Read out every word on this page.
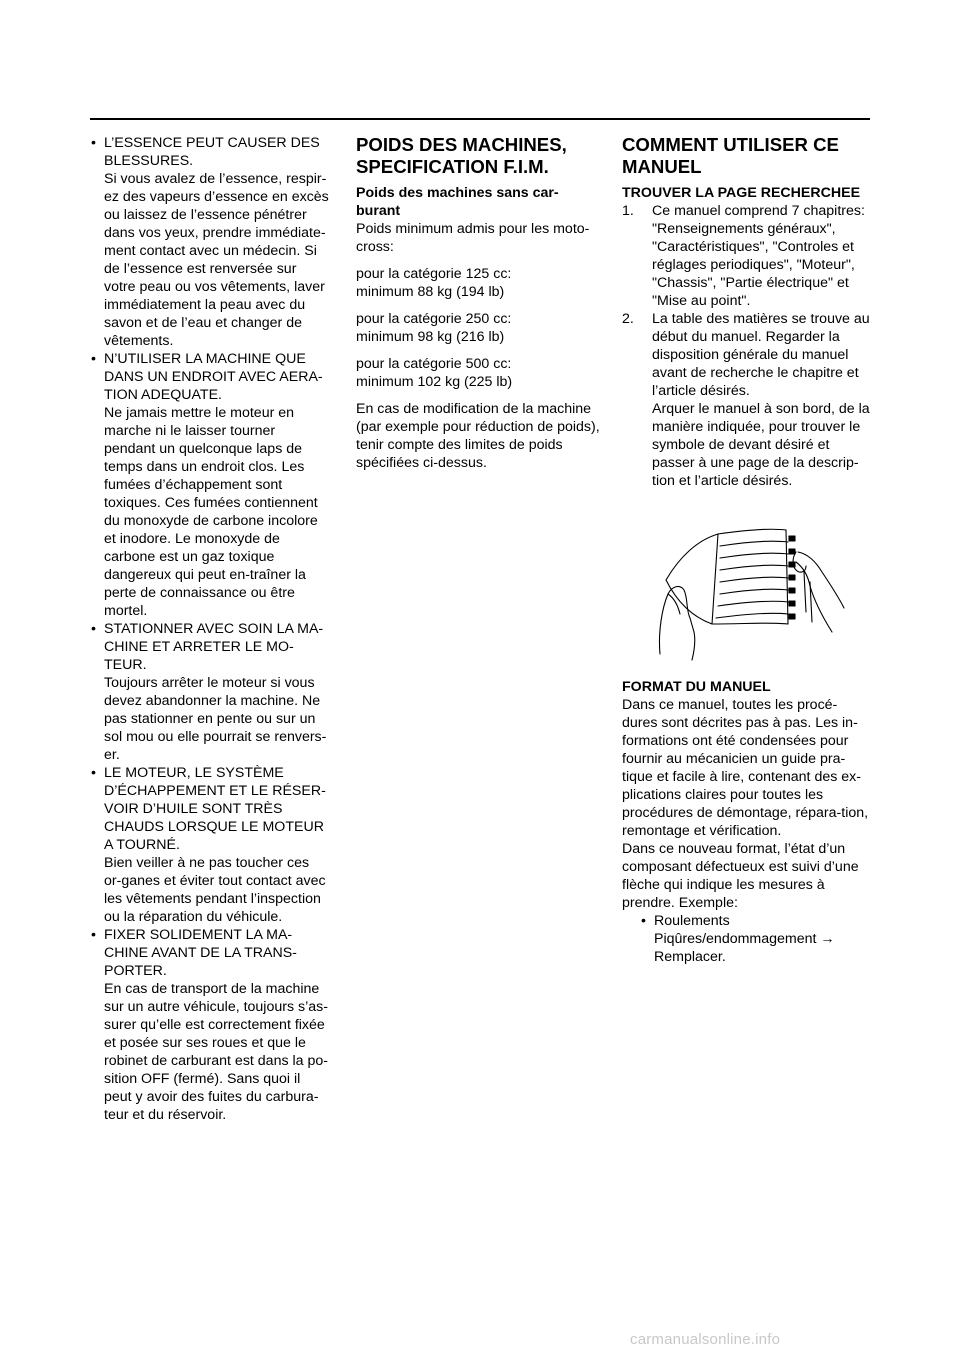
• L’ESSENCE PEUT CAUSER DES BLESSURES.
Si vous avalez de l’essence, respir-ez des vapeurs d’essence en excès ou laissez de l’essence pénétrer dans vos yeux, prendre immédiate-ment contact avec un médecin. Si de l’essence est renversée sur votre peau ou vos vêtements, laver immédiatement la peau avec du savon et de l’eau et changer de vêtements.
• N’UTILISER LA MACHINE QUE DANS UN ENDROIT AVEC AERA-TION ADEQUATE.
Ne jamais mettre le moteur en marche ni le laisser tourner pendant un quelconque laps de temps dans un endroit clos. Les fumées d’échappement sont toxiques. Ces fumées contiennent du monoxyde de carbone incolore et inodore. Le monoxyde de carbone est un gaz toxique dangereux qui peut en-traîner la perte de connaissance ou être mortel.
• STATIONNER AVEC SOIN LA MA-CHINE ET ARRETER LE MO-TEUR.
Toujours arrêter le moteur si vous devez abandonner la machine. Ne pas stationner en pente ou sur un sol mou ou elle pourrait se renvers-er.
• LE MOTEUR, LE SYSTÈME D’ÉCHAPPEMENT ET LE RÉSER-VOIR D’HUILE SONT TRÈS CHAUDS LORSQUE LE MOTEUR A TOURNÉ.
Bien veiller à ne pas toucher ces or-ganes et éviter tout contact avec les vêtements pendant l’inspection ou la réparation du véhicule.
• FIXER SOLIDEMENT LA MA-CHINE AVANT DE LA TRANS-PORTER.
En cas de transport de la machine sur un autre véhicule, toujours s’as-surer qu’elle est correctement fixée et posée sur ses roues et que le robinet de carburant est dans la po-sition OFF (fermé). Sans quoi il peut y avoir des fuites du carbura-teur et du réservoir.
POIDS DES MACHINES, SPECIFICATION F.I.M.
Poids des machines sans car-burant

Poids minimum admis pour les moto-cross:

pour la catégorie 125 cc:
minimum 88 kg (194 lb)

pour la catégorie 250 cc:
minimum 98 kg (216 lb)

pour la catégorie 500 cc:
minimum 102 kg (225 lb)

En cas de modification de la machine (par exemple pour réduction de poids), tenir compte des limites de poids spécifiées ci-dessus.

COMMENT UTILISER CE MANUEL
TROUVER LA PAGE RECHERCHEE
1. Ce manuel comprend 7 chapitres: "Renseignements généraux", "Caractéristiques", "Controles et réglages periodiques", "Moteur", "Chassis", "Partie électrique" et "Mise au point".
2. La table des matières se trouve au début du manuel. Regarder la disposition générale du manuel avant de recherche le chapitre et l’article désirés.
Arquer le manuel à son bord, de la manière indiquée, pour trouver le symbole de devant désiré et passer à une page de la descrip-tion et l’article désirés.
FORMAT DU MANUEL

Dans ce manuel, toutes les procé-dures sont décrites pas à pas. Les in-formations ont été condensées pour fournir au mécanicien un guide pra-tique et facile à lire, contenant des ex-plications claires pour toutes les procédures de démontage, répara-tion, remontage et vérification.

Dans ce nouveau format, l’état d’un composant défectueux est suivi d’une flèche qui indique les mesures à prendre. Exemple:

• Roulements
Piqûres/endommagement →
Remplacer.
carmanualsonline.info
